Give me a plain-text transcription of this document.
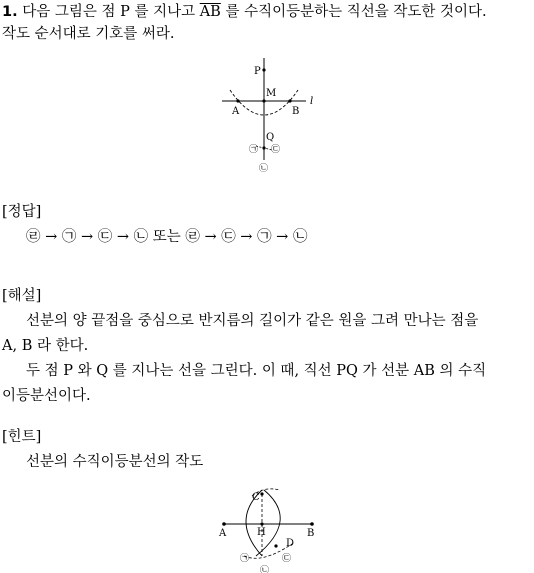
1. 다음 그림은 점 P 를 지나고 $\overline{AB}$ 를 수직이등분하는 직선을 작도한 것이다.
작도 순서대로 기호를 써라.
P
M
l
A	B
Q
㉠ ㉢
㉡
A	B
C
H
D
㉠	㉢
㉡
[정답]
㉣ → ㉠ → ㉢ → ㉡ 또는 ㉣ → ㉢ → ㉠ → ㉡
[해설]
선분의 양 끝점을 중심으로 반지름의 길이가 같은 원을 그려 만나는 점을
A, B 라 한다.
두 점 P 와 Q 를 지나는 선을 그린다. 이 때, 직선 PQ 가 선분 AB 의 수직
이등분선이다.
[힌트]
선분의 수직이등분선의 작도
